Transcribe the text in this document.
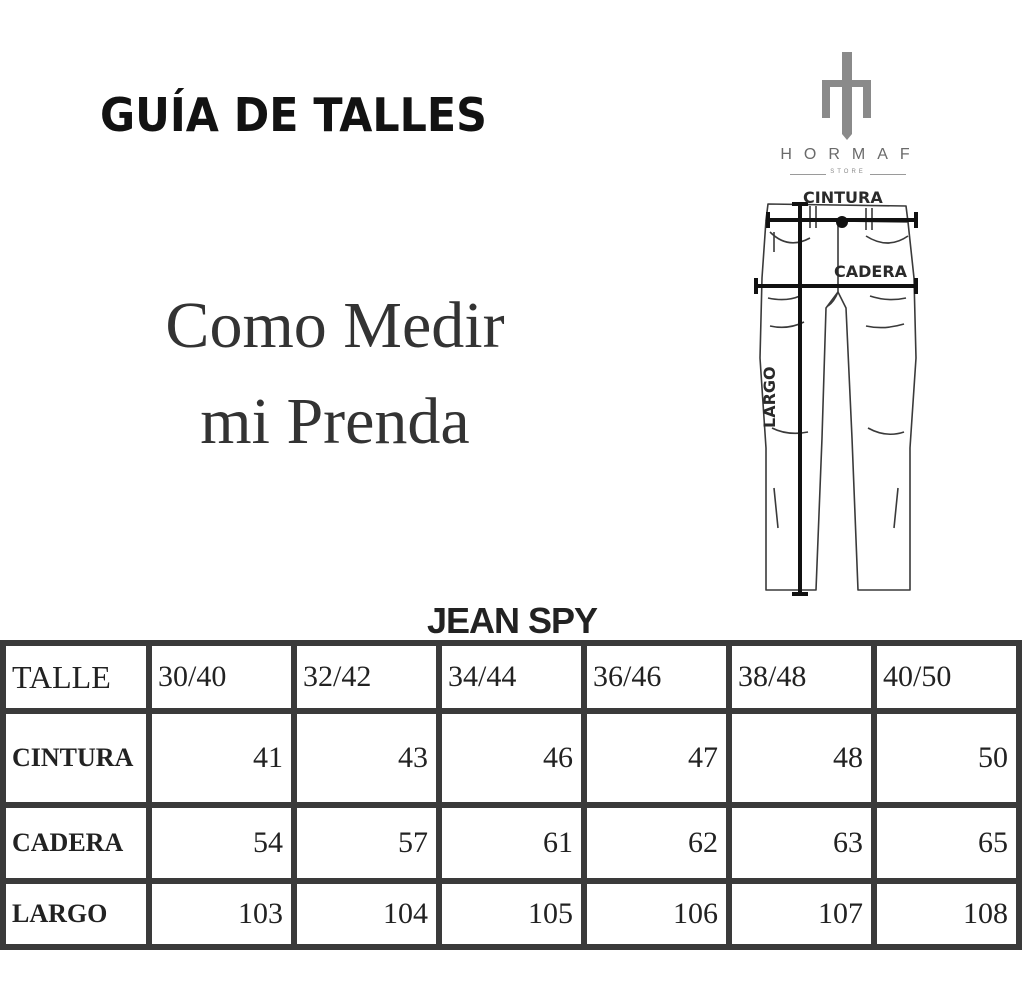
GUÍA DE TALLES
Como Medir
mi Prenda
HORMAF
STORE
CINTURA
CADERA
LARGO
JEAN SPY
TALLE	30/40	32/42	34/44	36/46	38/48	40/50
CINTURA	41	43	46	47	48	50
CADERA	54	57	61	62	63	65
LARGO	103	104	105	106	107	108
